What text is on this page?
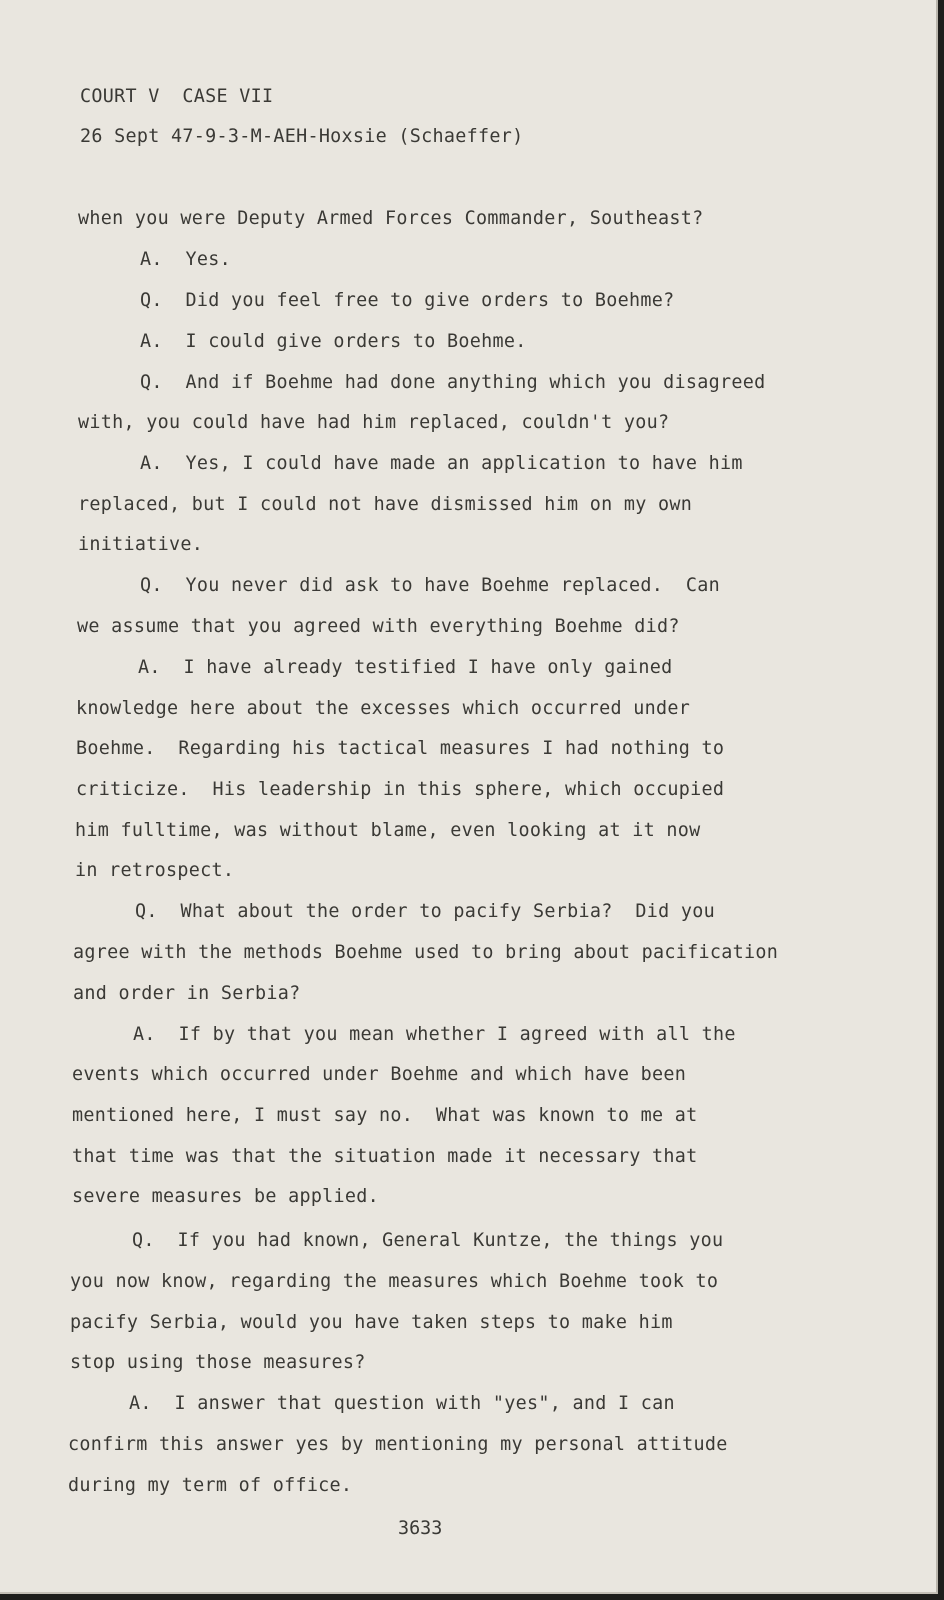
COURT V  CASE VII
26 Sept 47-9-3-M-AEH-Hoxsie (Schaeffer)
when you were Deputy Armed Forces Commander, Southeast?
A.  Yes.
Q.  Did you feel free to give orders to Boehme?
A.  I could give orders to Boehme.
Q.  And if Boehme had done anything which you disagreed
with, you could have had him replaced, couldn't you?
A.  Yes, I could have made an application to have him
replaced, but I could not have dismissed him on my own
initiative.
Q.  You never did ask to have Boehme replaced.  Can
we assume that you agreed with everything Boehme did?
A.  I have already testified I have only gained
knowledge here about the excesses which occurred under
Boehme.  Regarding his tactical measures I had nothing to
criticize.  His leadership in this sphere, which occupied
him fulltime, was without blame, even looking at it now
in retrospect.
Q.  What about the order to pacify Serbia?  Did you
agree with the methods Boehme used to bring about pacification
and order in Serbia?
A.  If by that you mean whether I agreed with all the
events which occurred under Boehme and which have been
mentioned here, I must say no.  What was known to me at
that time was that the situation made it necessary that
severe measures be applied.
Q.  If you had known, General Kuntze, the things you
you now know, regarding the measures which Boehme took to
pacify Serbia, would you have taken steps to make him
stop using those measures?
A.  I answer that question with "yes", and I can
confirm this answer yes by mentioning my personal attitude
during my term of office.
3633
